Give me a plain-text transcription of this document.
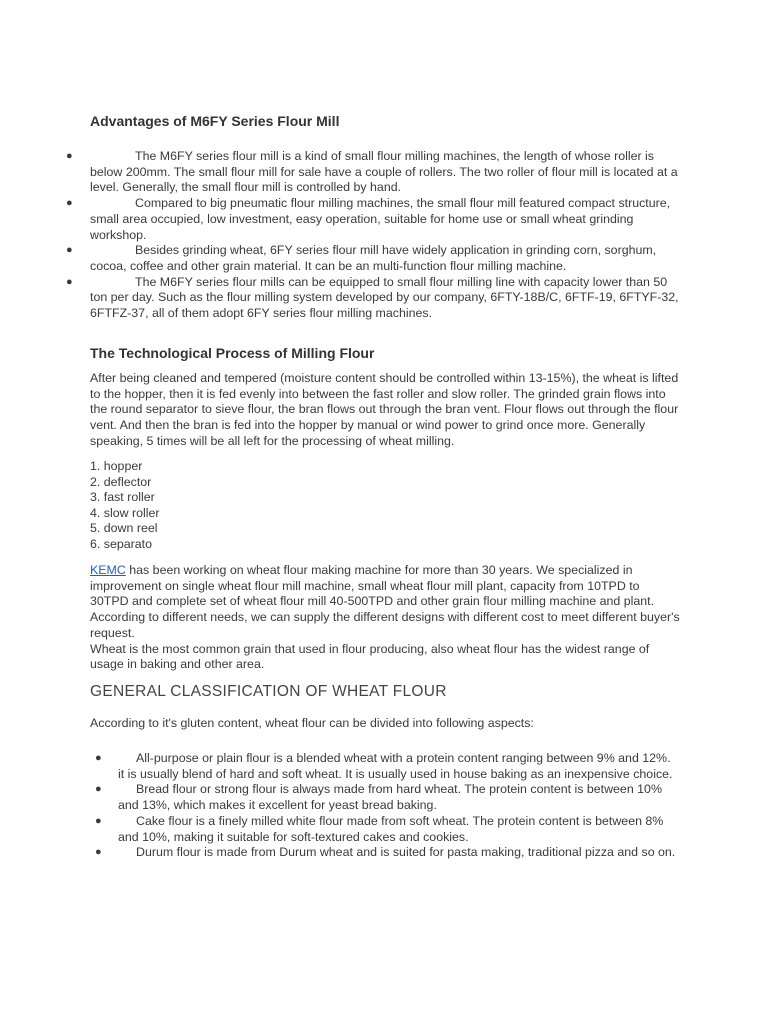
Advantages of M6FY Series Flour Mill
●	The M6FY series flour mill is a kind of small flour milling machines, the length of whose roller is below 200mm. The small flour mill for sale have a couple of rollers. The two roller of flour mill is located at a level. Generally, the small flour mill is controlled by hand.
●	Compared to big pneumatic flour milling machines, the small flour mill featured compact structure, small area occupied, low investment, easy operation, suitable for home use or small wheat grinding workshop.
●	Besides grinding wheat, 6FY series flour mill have widely application in grinding corn, sorghum, cocoa, coffee and other grain material. It can be an multi-function flour milling machine.
●	The M6FY series flour mills can be equipped to small flour milling line with capacity lower than 50 ton per day. Such as the flour milling system developed by our company, 6FTY-18B/C, 6FTF-19, 6FTYF-32, 6FTFZ-37, all of them adopt 6FY series flour milling machines.
The Technological Process of Milling Flour

After being cleaned and tempered (moisture content should be controlled within 13-15%), the wheat is lifted to the hopper, then it is fed evenly into between the fast roller and slow roller. The grinded grain flows into the round separator to sieve flour, the bran flows out through the bran vent. Flour flows out through the flour vent. And then the bran is fed into the hopper by manual or wind power to grind once more. Generally speaking, 5 times will be all left for the processing of wheat milling.

1. hopper
2. deflector
3. fast roller
4. slow roller
5. down reel
6. separato

KEMC has been working on wheat flour making machine for more than 30 years. We specialized in improvement on single wheat flour mill machine, small wheat flour mill plant, capacity from 10TPD to 30TPD and complete set of wheat flour mill 40-500TPD and other grain flour milling machine and plant. According to different needs, we can supply the different designs with different cost to meet different buyer's request.
Wheat is the most common grain that used in flour producing, also wheat flour has the widest range of usage in baking and other area.

GENERAL CLASSIFICATION OF WHEAT FLOUR

According to it's gluten content, wheat flour can be divided into following aspects:

●	All-purpose or plain flour is a blended wheat with a protein content ranging between 9% and 12%. it is usually blend of hard and soft wheat. It is usually used in house baking as an inexpensive choice.
●	Bread flour or strong flour is always made from hard wheat. The protein content is between 10% and 13%, which makes it excellent for yeast bread baking.
●	Cake flour is a finely milled white flour made from soft wheat. The protein content is between 8% and 10%, making it suitable for soft-textured cakes and cookies.
●	Durum flour is made from Durum wheat and is suited for pasta making, traditional pizza and so on.
